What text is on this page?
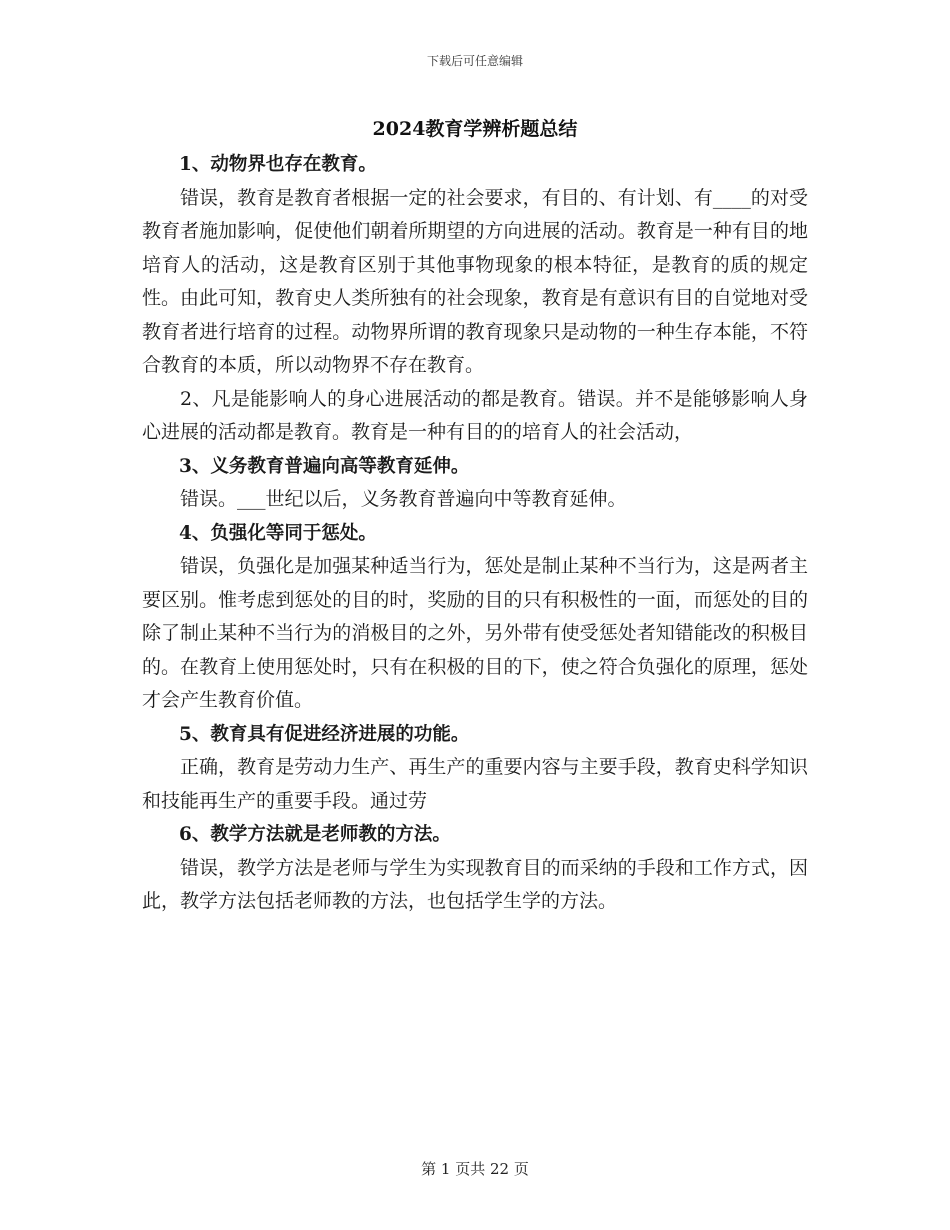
下载后可任意编辑
2024教育学辨析题总结

1、动物界也存在教育。

错误，教育是教育者根据一定的社会要求，有目的、有计划、有____的对受教育者施加影响，促使他们朝着所期望的方向进展的活动。教育是一种有目的地培育人的活动，这是教育区别于其他事物现象的根本特征，是教育的质的规定性。由此可知，教育史人类所独有的社会现象，教育是有意识有目的自觉地对受教育者进行培育的过程。动物界所谓的教育现象只是动物的一种生存本能，不符合教育的本质，所以动物界不存在教育。

2、凡是能影响人的身心进展活动的都是教育。错误。并不是能够影响人身心进展的活动都是教育。教育是一种有目的的培育人的社会活动，

3、义务教育普遍向高等教育延伸。

错误。___世纪以后，义务教育普遍向中等教育延伸。

4、负强化等同于惩处。

错误，负强化是加强某种适当行为，惩处是制止某种不当行为，这是两者主要区别。惟考虑到惩处的目的时，奖励的目的只有积极性的一面，而惩处的目的除了制止某种不当行为的消极目的之外，另外带有使受惩处者知错能改的积极目的。在教育上使用惩处时，只有在积极的目的下，使之符合负强化的原理，惩处才会产生教育价值。

5、教育具有促进经济进展的功能。

正确，教育是劳动力生产、再生产的重要内容与主要手段，教育史科学知识和技能再生产的重要手段。通过劳

6、教学方法就是老师教的方法。

错误，教学方法是老师与学生为实现教育目的而采纳的手段和工作方式，因此，教学方法包括老师教的方法，也包括学生学的方法。

第 1 页共 22 页
